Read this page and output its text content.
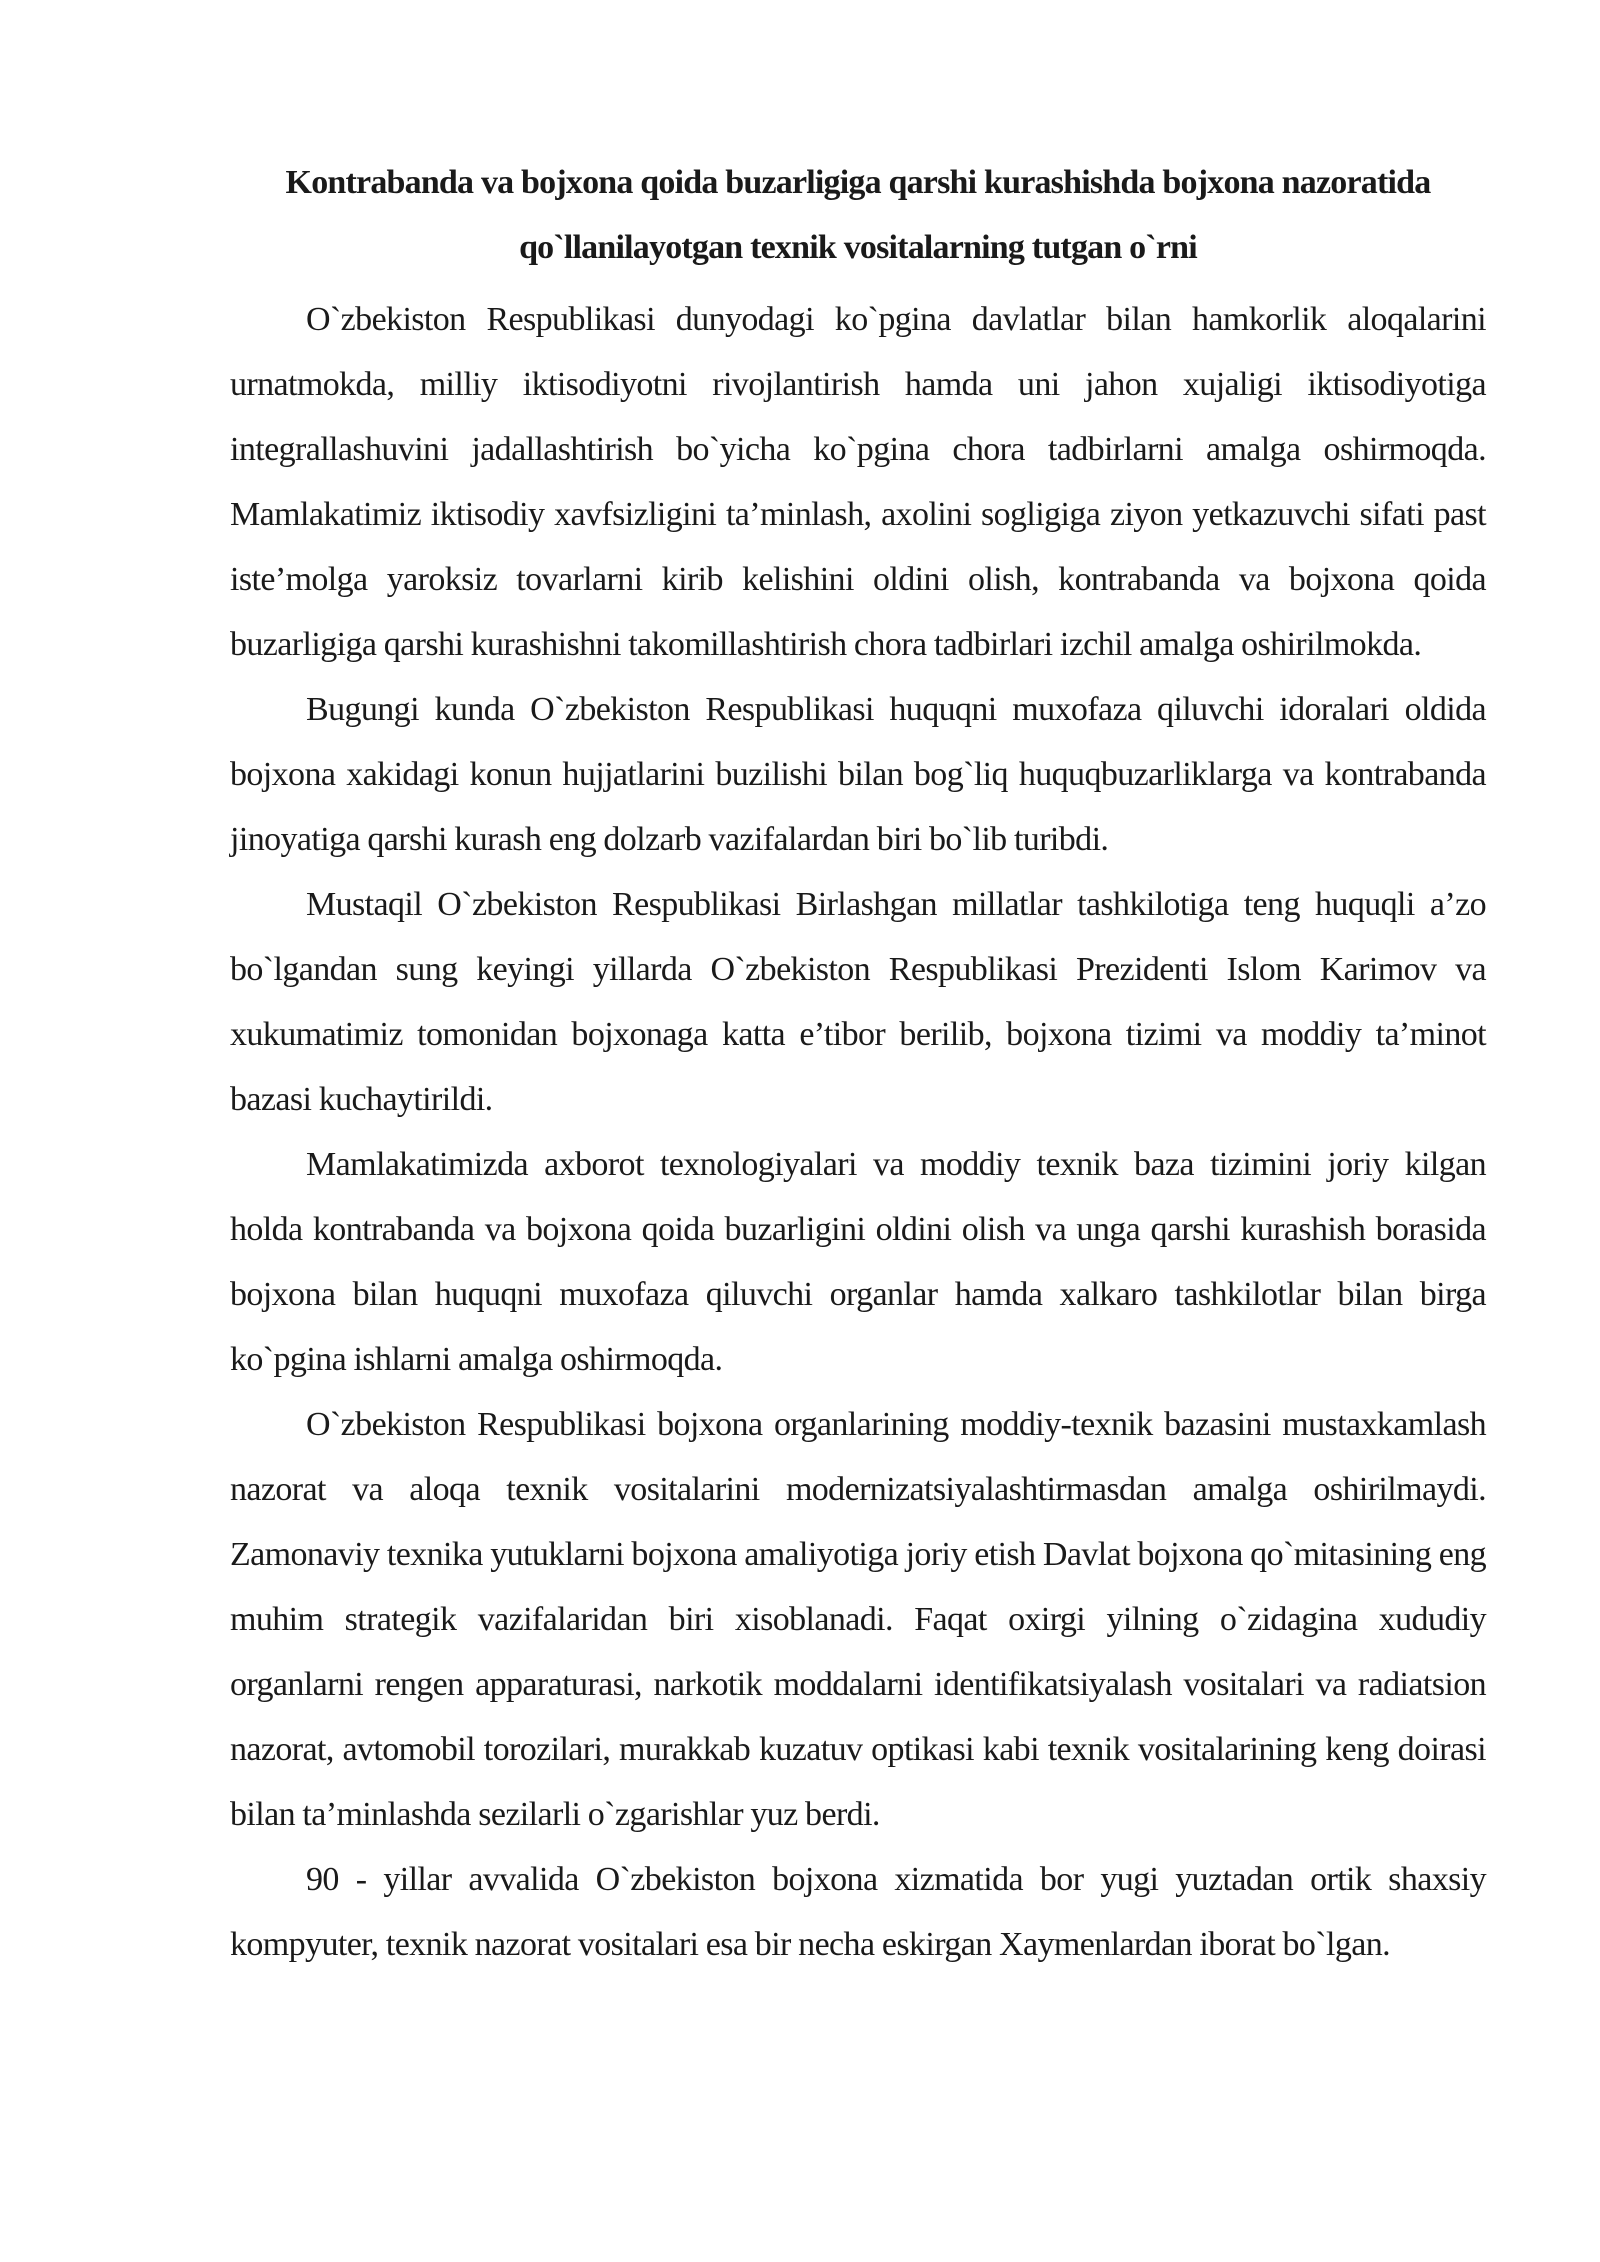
Kontrabanda va bojxona qoida buzarligiga qarshi kurashishda bojxona nazoratida qo`llanilayotgan texnik vositalarning tutgan o`rni

O`zbekiston Respublikasi dunyodagi ko`pgina davlatlar bilan hamkorlik aloqalarini urnatmokda, milliy iktisodiyotni rivojlantirish hamda uni jahon xujaligi iktisodiyotiga integrallashuvini jadallashtirish bo`yicha ko`pgina chora tadbirlarni amalga oshirmoqda. Mamlakatimiz iktisodiy xavfsizligini ta’minlash, axolini sogligiga ziyon yetkazuvchi sifati past iste’molga yaroksiz tovarlarni kirib kelishini oldini olish, kontrabanda va bojxona qoida buzarligiga qarshi kurashishni takomillashtirish chora tadbirlari izchil amalga oshirilmokda.

Bugungi kunda O`zbekiston Respublikasi huquqni muxofaza qiluvchi idoralari oldida bojxona xakidagi konun hujjatlarini buzilishi bilan bog`liq huquqbuzarliklarga va kontrabanda jinoyatiga qarshi kurash eng dolzarb vazifalardan biri bo`lib turibdi.

Mustaqil O`zbekiston Respublikasi Birlashgan millatlar tashkilotiga teng huquqli a’zo bo`lgandan sung keyingi yillarda O`zbekiston Respublikasi Prezidenti Islom Karimov va xukumatimiz tomonidan bojxonaga katta e’tibor berilib, bojxona tizimi va moddiy ta’minot bazasi kuchaytirildi.

Mamlakatimizda axborot texnologiyalari va moddiy texnik baza tizimini joriy kilgan holda kontrabanda va bojxona qoida buzarligini oldini olish va unga qarshi kurashish borasida bojxona bilan huquqni muxofaza qiluvchi organlar hamda xalkaro tashkilotlar bilan birga ko`pgina ishlarni amalga oshirmoqda.

O`zbekiston Respublikasi bojxona organlarining moddiy-texnik bazasini mustaxkamlash nazorat va aloqa texnik vositalarini modernizatsiyalashtirmasdan amalga oshirilmaydi. Zamonaviy texnika yutuklarni bojxona amaliyotiga joriy etish Davlat bojxona qo`mitasining eng muhim strategik vazifalaridan biri xisoblanadi. Faqat oxirgi yilning o`zidagina xududiy organlarni rengen apparaturasi, narkotik moddalarni identifikatsiyalash vositalari va radiatsion nazorat, avtomobil torozilari, murakkab kuzatuv optikasi kabi texnik vositalarining keng doirasi bilan ta’minlashda sezilarli o`zgarishlar yuz berdi.

90 - yillar avvalida O`zbekiston bojxona xizmatida bor yugi yuztadan ortik shaxsiy kompyuter, texnik nazorat vositalari esa bir necha eskirgan Xaymenlardan iborat bo`lgan.
